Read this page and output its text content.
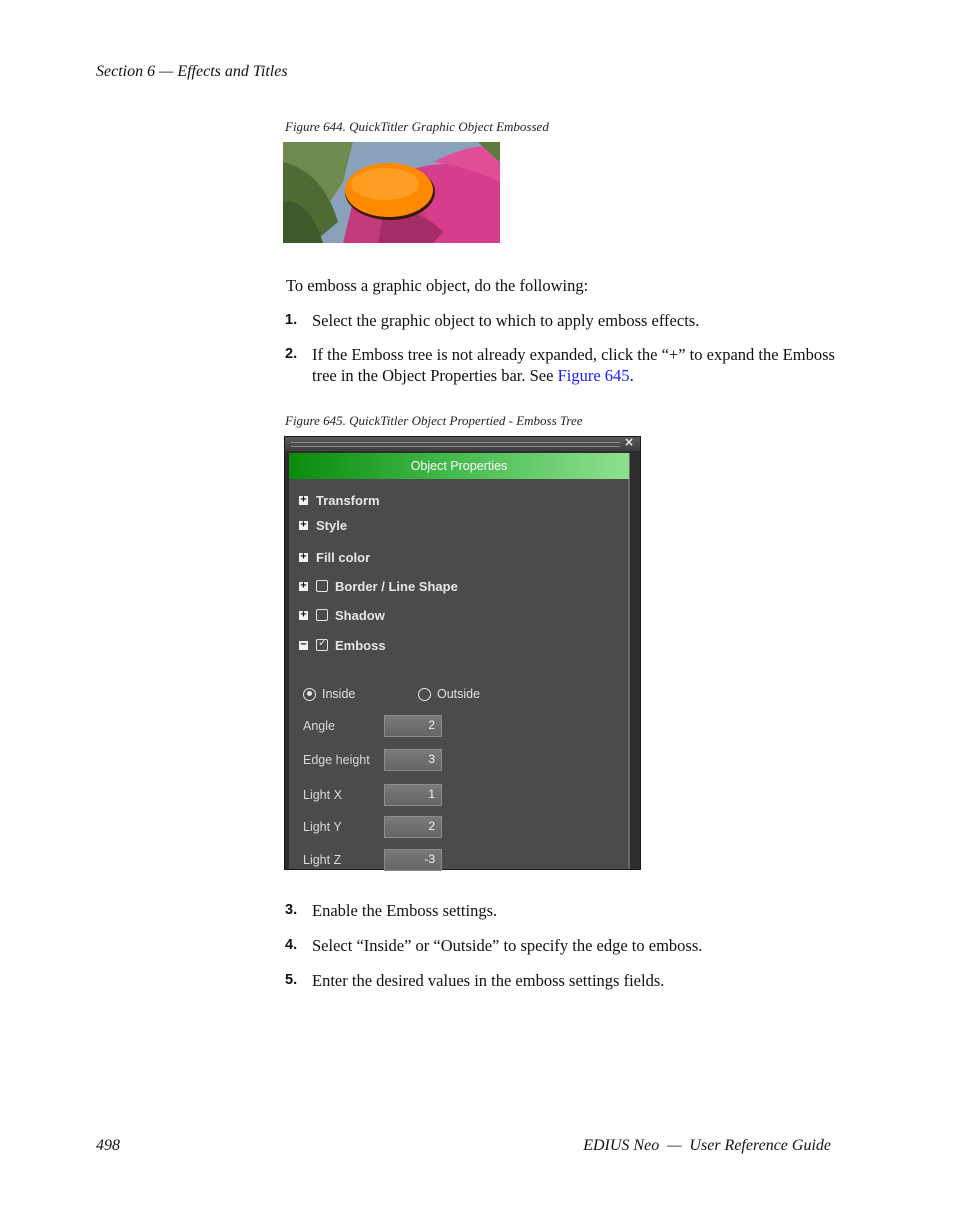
Section 6 — Effects and Titles
Figure 644. QuickTitler Graphic Object Embossed
To emboss a graphic object, do the following:
1. Select the graphic object to which to apply emboss effects.
2. If the Emboss tree is not already expanded, click the “+” to expand the Emboss tree in the Object Properties bar. See Figure 645.
Figure 645. QuickTitler Object Propertied - Emboss Tree
×
Object Properties
+ Transform
+ Style
+ Fill color
+ Border / Line Shape
+ Shadow
− ✓ Emboss
Inside	Outside
Angle	2
Edge height	3
Light X	1
Light Y	2
Light Z	-3
3. Enable the Emboss settings.
4. Select “Inside” or “Outside” to specify the edge to emboss.
5. Enter the desired values in the emboss settings fields.
498	EDIUS Neo  —  User Reference Guide
